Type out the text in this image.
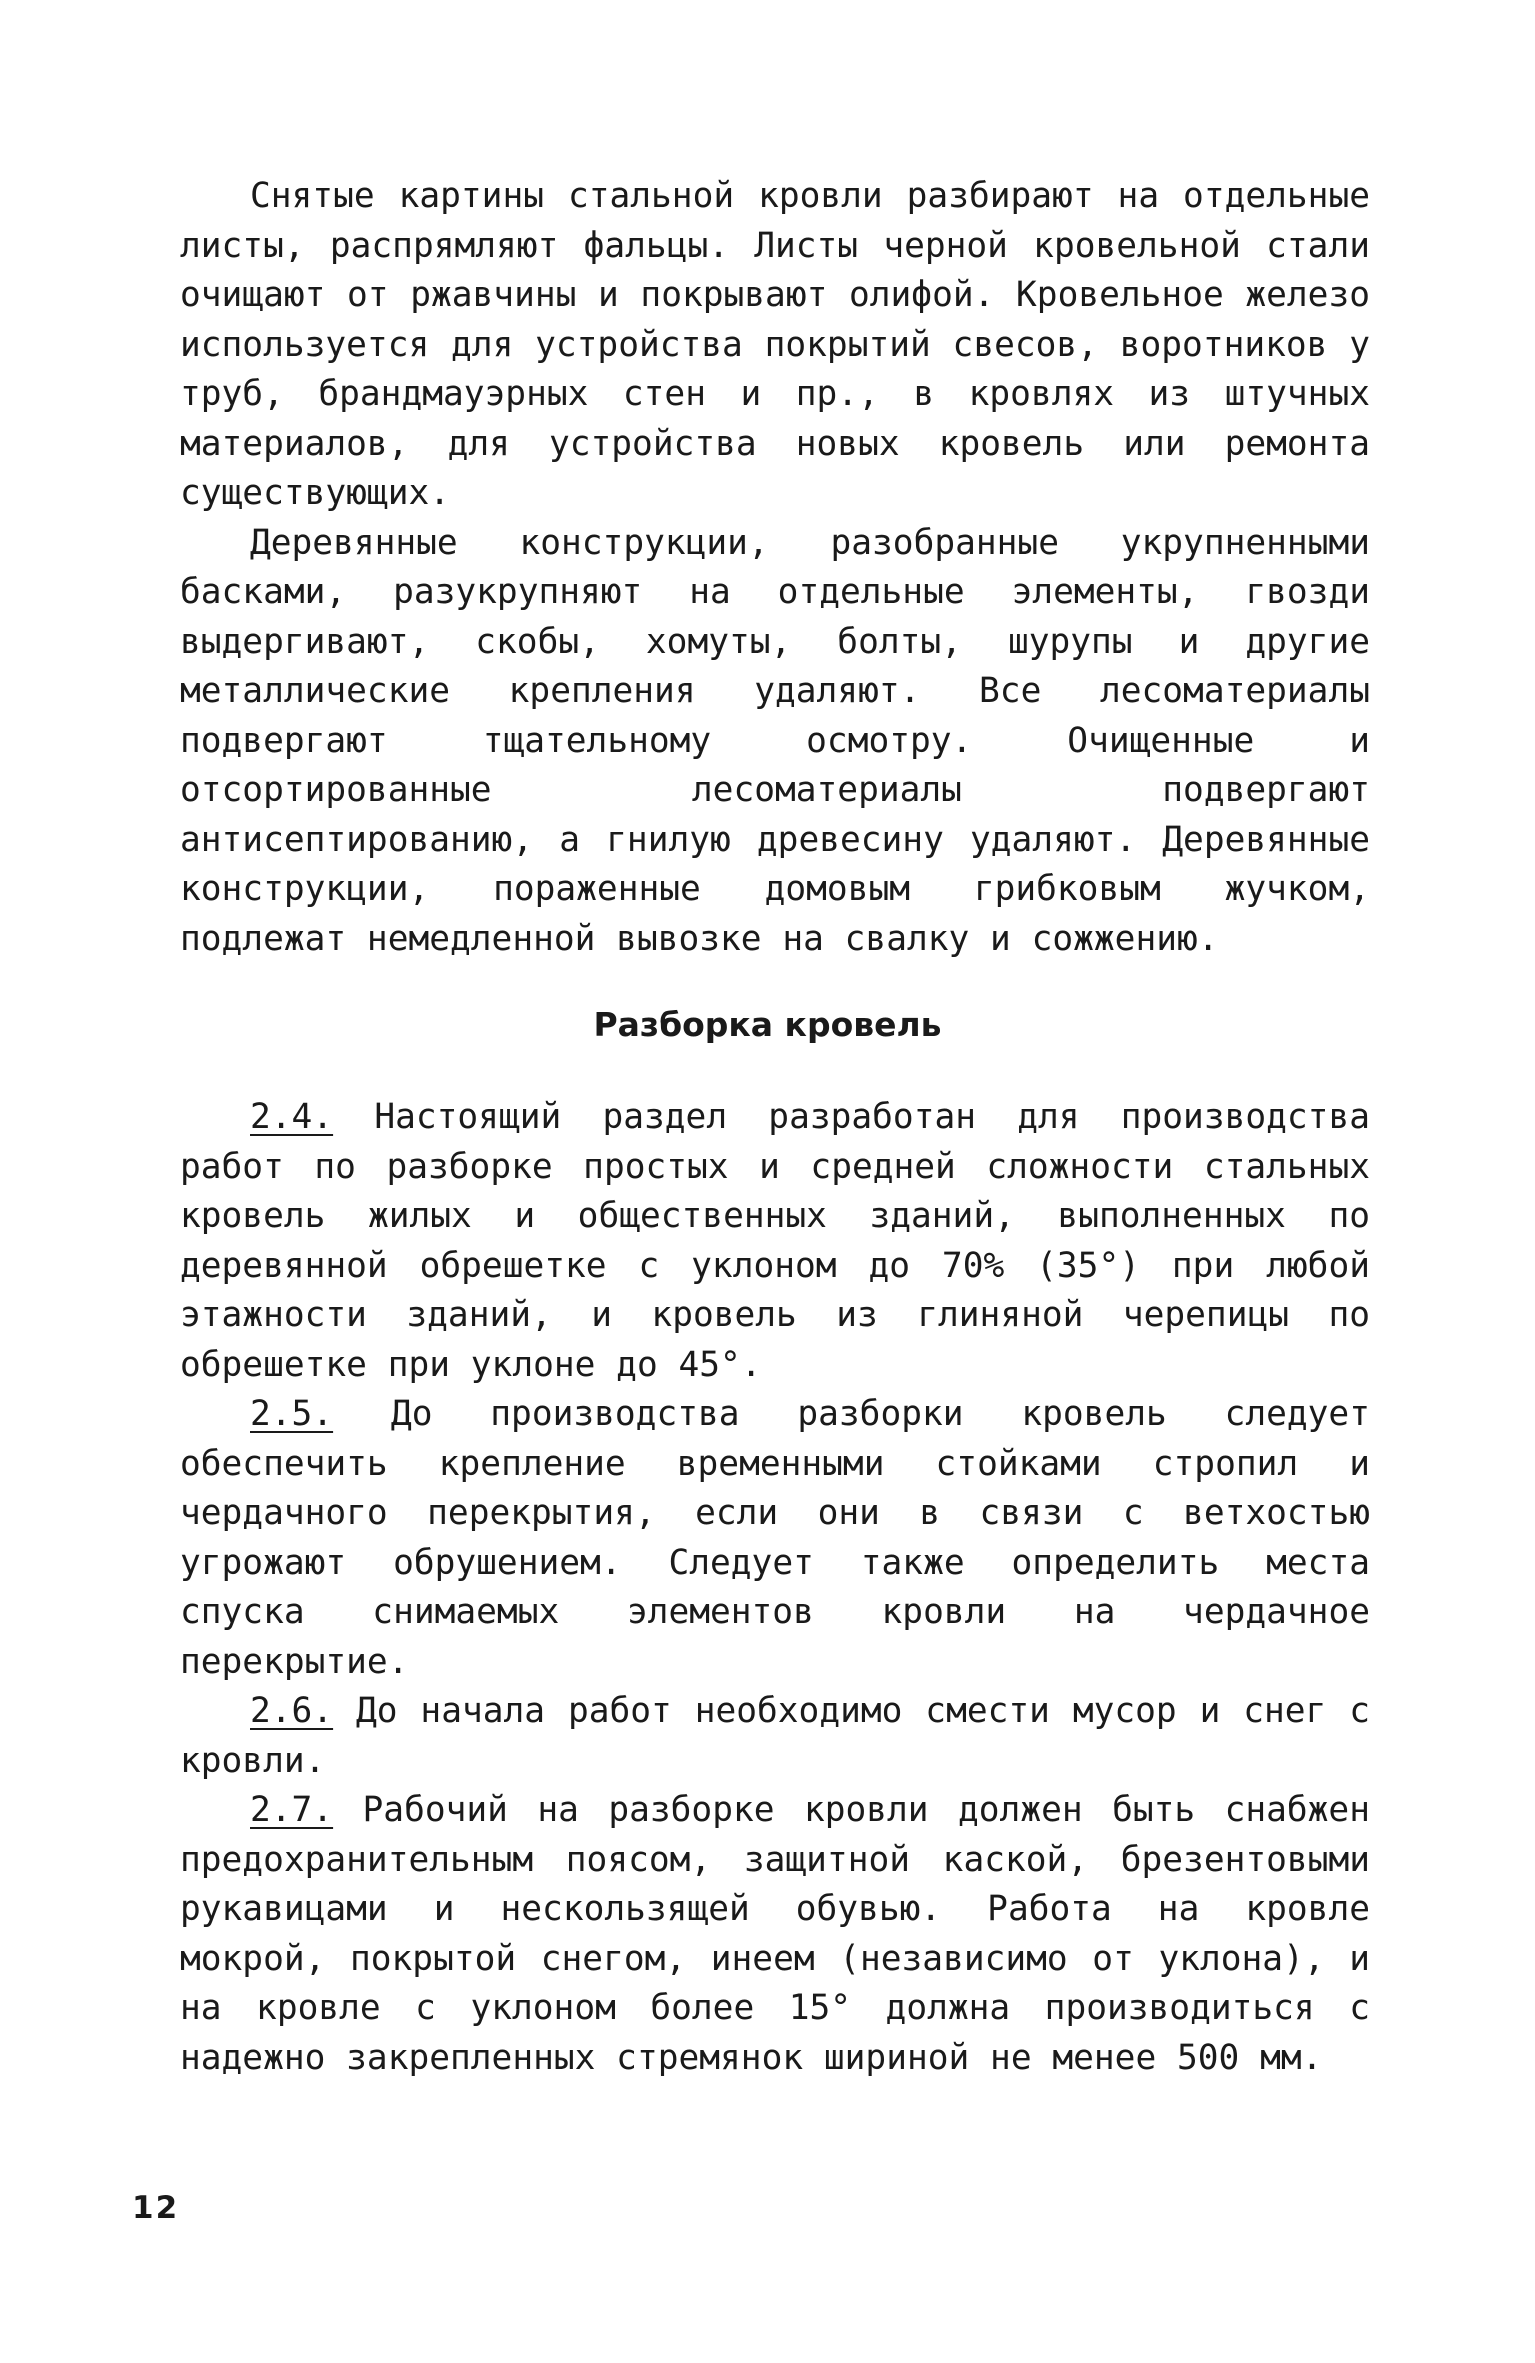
Снятые картины стальной кровли разбирают на отдельные листы, распрямляют фальцы. Листы черной кровельной стали очищают от ржавчины и покрывают олифой. Кровельное железо используется для устройства покрытий свесов, воротников у труб, брандмауэрных стен и пр., в кровлях из штучных материалов, для устройства новых кровель или ремонта существующих.

Деревянные конструкции, разобранные укрупненными басками, разукрупняют на отдельные элементы, гвозди выдергивают, скобы, хомуты, болты, шурупы и другие металлические крепления удаляют. Все лесоматериалы подвергают тщательному осмотру. Очищенные и отсортированные лесоматериалы подвергают антисептированию, а гнилую древесину удаляют. Деревянные конструкции, пораженные домовым грибковым жучком, подлежат немедленной вывозке на свалку и сожжению.

Разборка кровель

2.4. Настоящий раздел разработан для производства работ по разборке простых и средней сложности стальных кровель жилых и общественных зданий, выполненных по деревянной обрешетке с уклоном до 70% (35°) при любой этажности зданий, и кровель из глиняной черепицы по обрешетке при уклоне до 45°.

2.5. До производства разборки кровель следует обеспечить крепление временными стойками стропил и чердачного перекрытия, если они в связи с ветхостью угрожают обрушением. Следует также определить места спуска снимаемых элементов кровли на чердачное перекрытие.

2.6. До начала работ необходимо смести мусор и снег с кровли.

2.7. Рабочий на разборке кровли должен быть снабжен предохранительным поясом, защитной каской, брезентовыми рукавицами и нескользящей обувью. Работа на кровле мокрой, покрытой снегом, инеем (независимо от уклона), и на кровле с уклоном более 15° должна производиться с надежно закрепленных стремянок шириной не менее 500 мм.

12
